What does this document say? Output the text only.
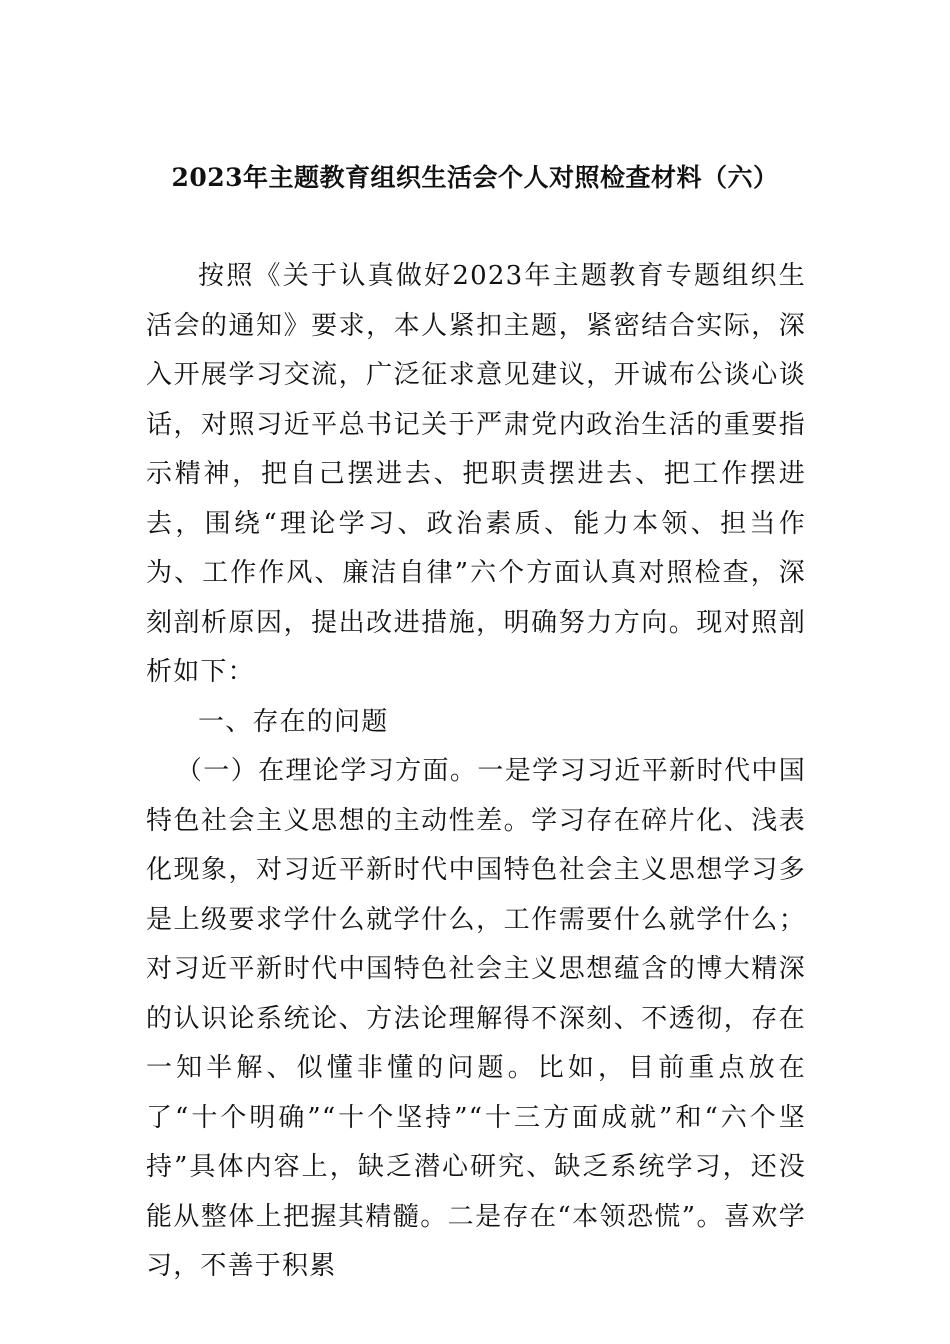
2023年主题教育组织生活会个人对照检查材料（六）

按照《关于认真做好2023年主题教育专题组织生活会的通知》要求，本人紧扣主题，紧密结合实际，深入开展学习交流，广泛征求意见建议，开诚布公谈心谈话，对照习近平总书记关于严肃党内政治生活的重要指示精神，把自己摆进去、把职责摆进去、把工作摆进去，围绕“理论学习、政治素质、能力本领、担当作为、工作作风、廉洁自律”六个方面认真对照检查，深刻剖析原因，提出改进措施，明确努力方向。现对照剖析如下：

一、存在的问题

（一）在理论学习方面。一是学习习近平新时代中国特色社会主义思想的主动性差。学习存在碎片化、浅表化现象，对习近平新时代中国特色社会主义思想学习多是上级要求学什么就学什么，工作需要什么就学什么；对习近平新时代中国特色社会主义思想蕴含的博大精深的认识论系统论、方法论理解得不深刻、不透彻，存在一知半解、似懂非懂的问题。比如，目前重点放在了“十个明确”“十个坚持”“十三方面成就”和“六个坚持”具体内容上，缺乏潜心研究、缺乏系统学习，还没能从整体上把握其精髓。二是存在“本领恐慌”。喜欢学习，不善于积累
